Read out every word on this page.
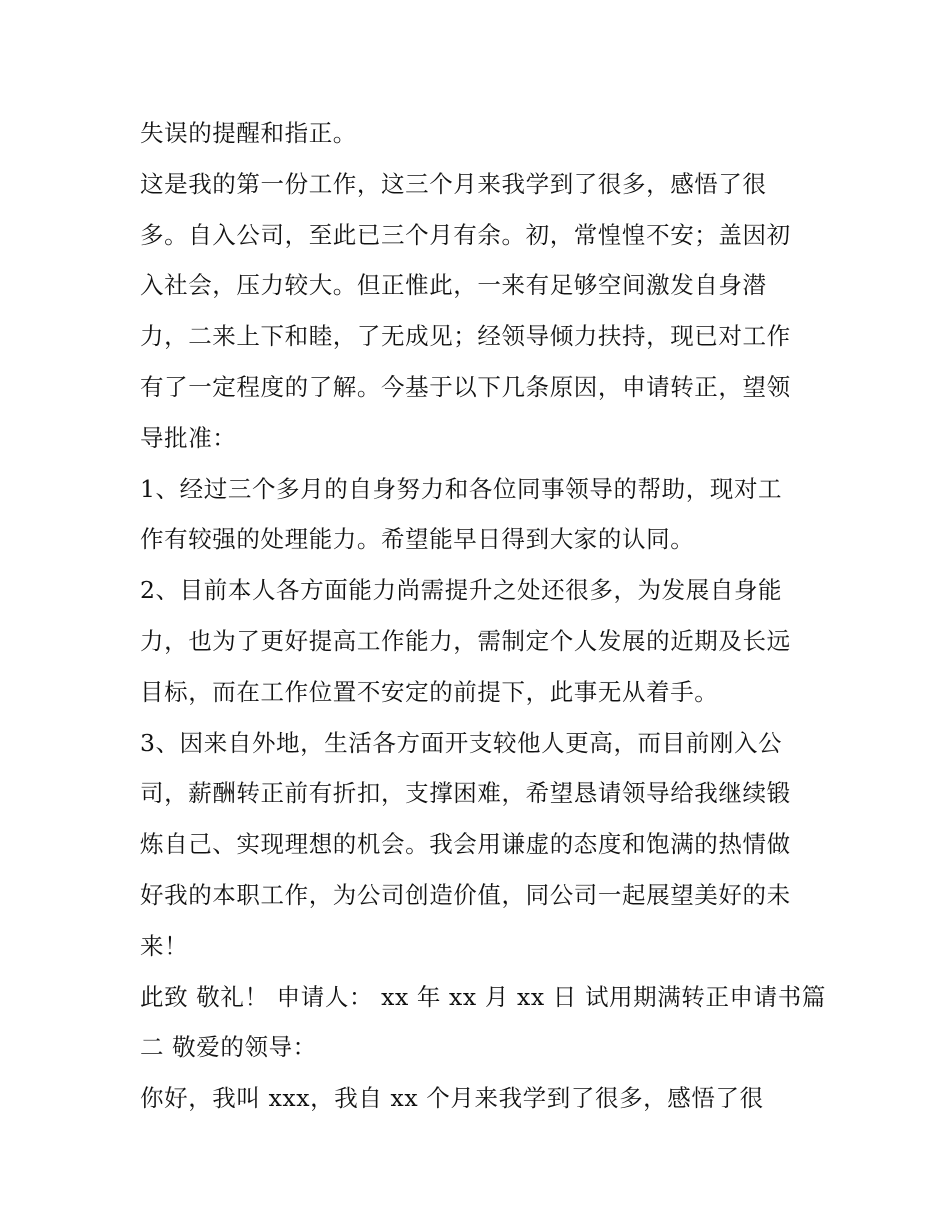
失误的提醒和指正。
这是我的第一份工作，这三个月来我学到了很多，感悟了很
多。自入公司，至此已三个月有余。初，常惶惶不安；盖因初
入社会，压力较大。但正惟此，一来有足够空间激发自身潜
力，二来上下和睦，了无成见；经领导倾力扶持，现已对工作
有了一定程度的了解。今基于以下几条原因，申请转正，望领
导批准：
1、经过三个多月的自身努力和各位同事领导的帮助，现对工
作有较强的处理能力。希望能早日得到大家的认同。
2、目前本人各方面能力尚需提升之处还很多，为发展自身能
力，也为了更好提高工作能力，需制定个人发展的近期及长远
目标，而在工作位置不安定的前提下，此事无从着手。
3、因来自外地，生活各方面开支较他人更高，而目前刚入公
司，薪酬转正前有折扣，支撑困难，希望恳请领导给我继续锻
炼自己、实现理想的机会。我会用谦虚的态度和饱满的热情做
好我的本职工作，为公司创造价值，同公司一起展望美好的未
来！
此致 敬礼！ 申请人： xx 年 xx 月 xx 日 试用期满转正申请书篇
二 敬爱的领导：
你好，我叫 xxx，我自 xx 个月来我学到了很多，感悟了很
